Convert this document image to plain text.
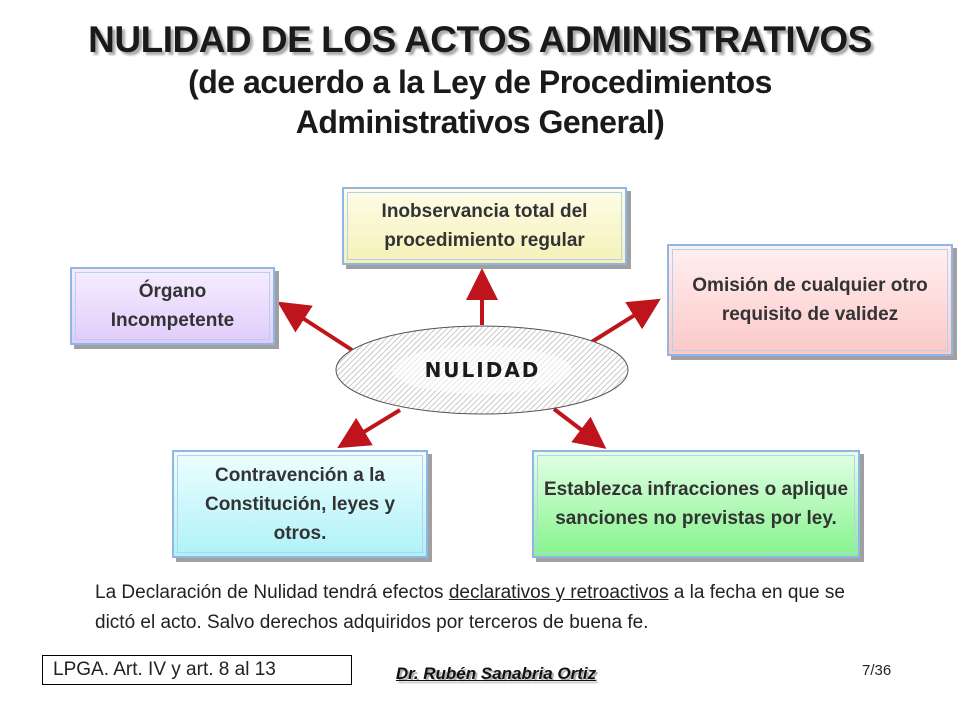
NULIDAD DE LOS ACTOS ADMINISTRATIVOS
(de acuerdo a la Ley de Procedimientos
Administrativos General)
NULIDAD
Inobservancia total del procedimiento regular
Omisión de cualquier otro requisito de validez
Órgano Incompetente
Contravención a la Constitución, leyes y otros.
Establezca infracciones o aplique sanciones no previstas por ley.
La Declaración de Nulidad tendrá efectos declarativos y retroactivos a la fecha en que se dictó el acto. Salvo derechos adquiridos por terceros de buena fe.
LPGA. Art. IV y art. 8 al 13	Dr. Rubén Sanabria Ortiz	7/36
